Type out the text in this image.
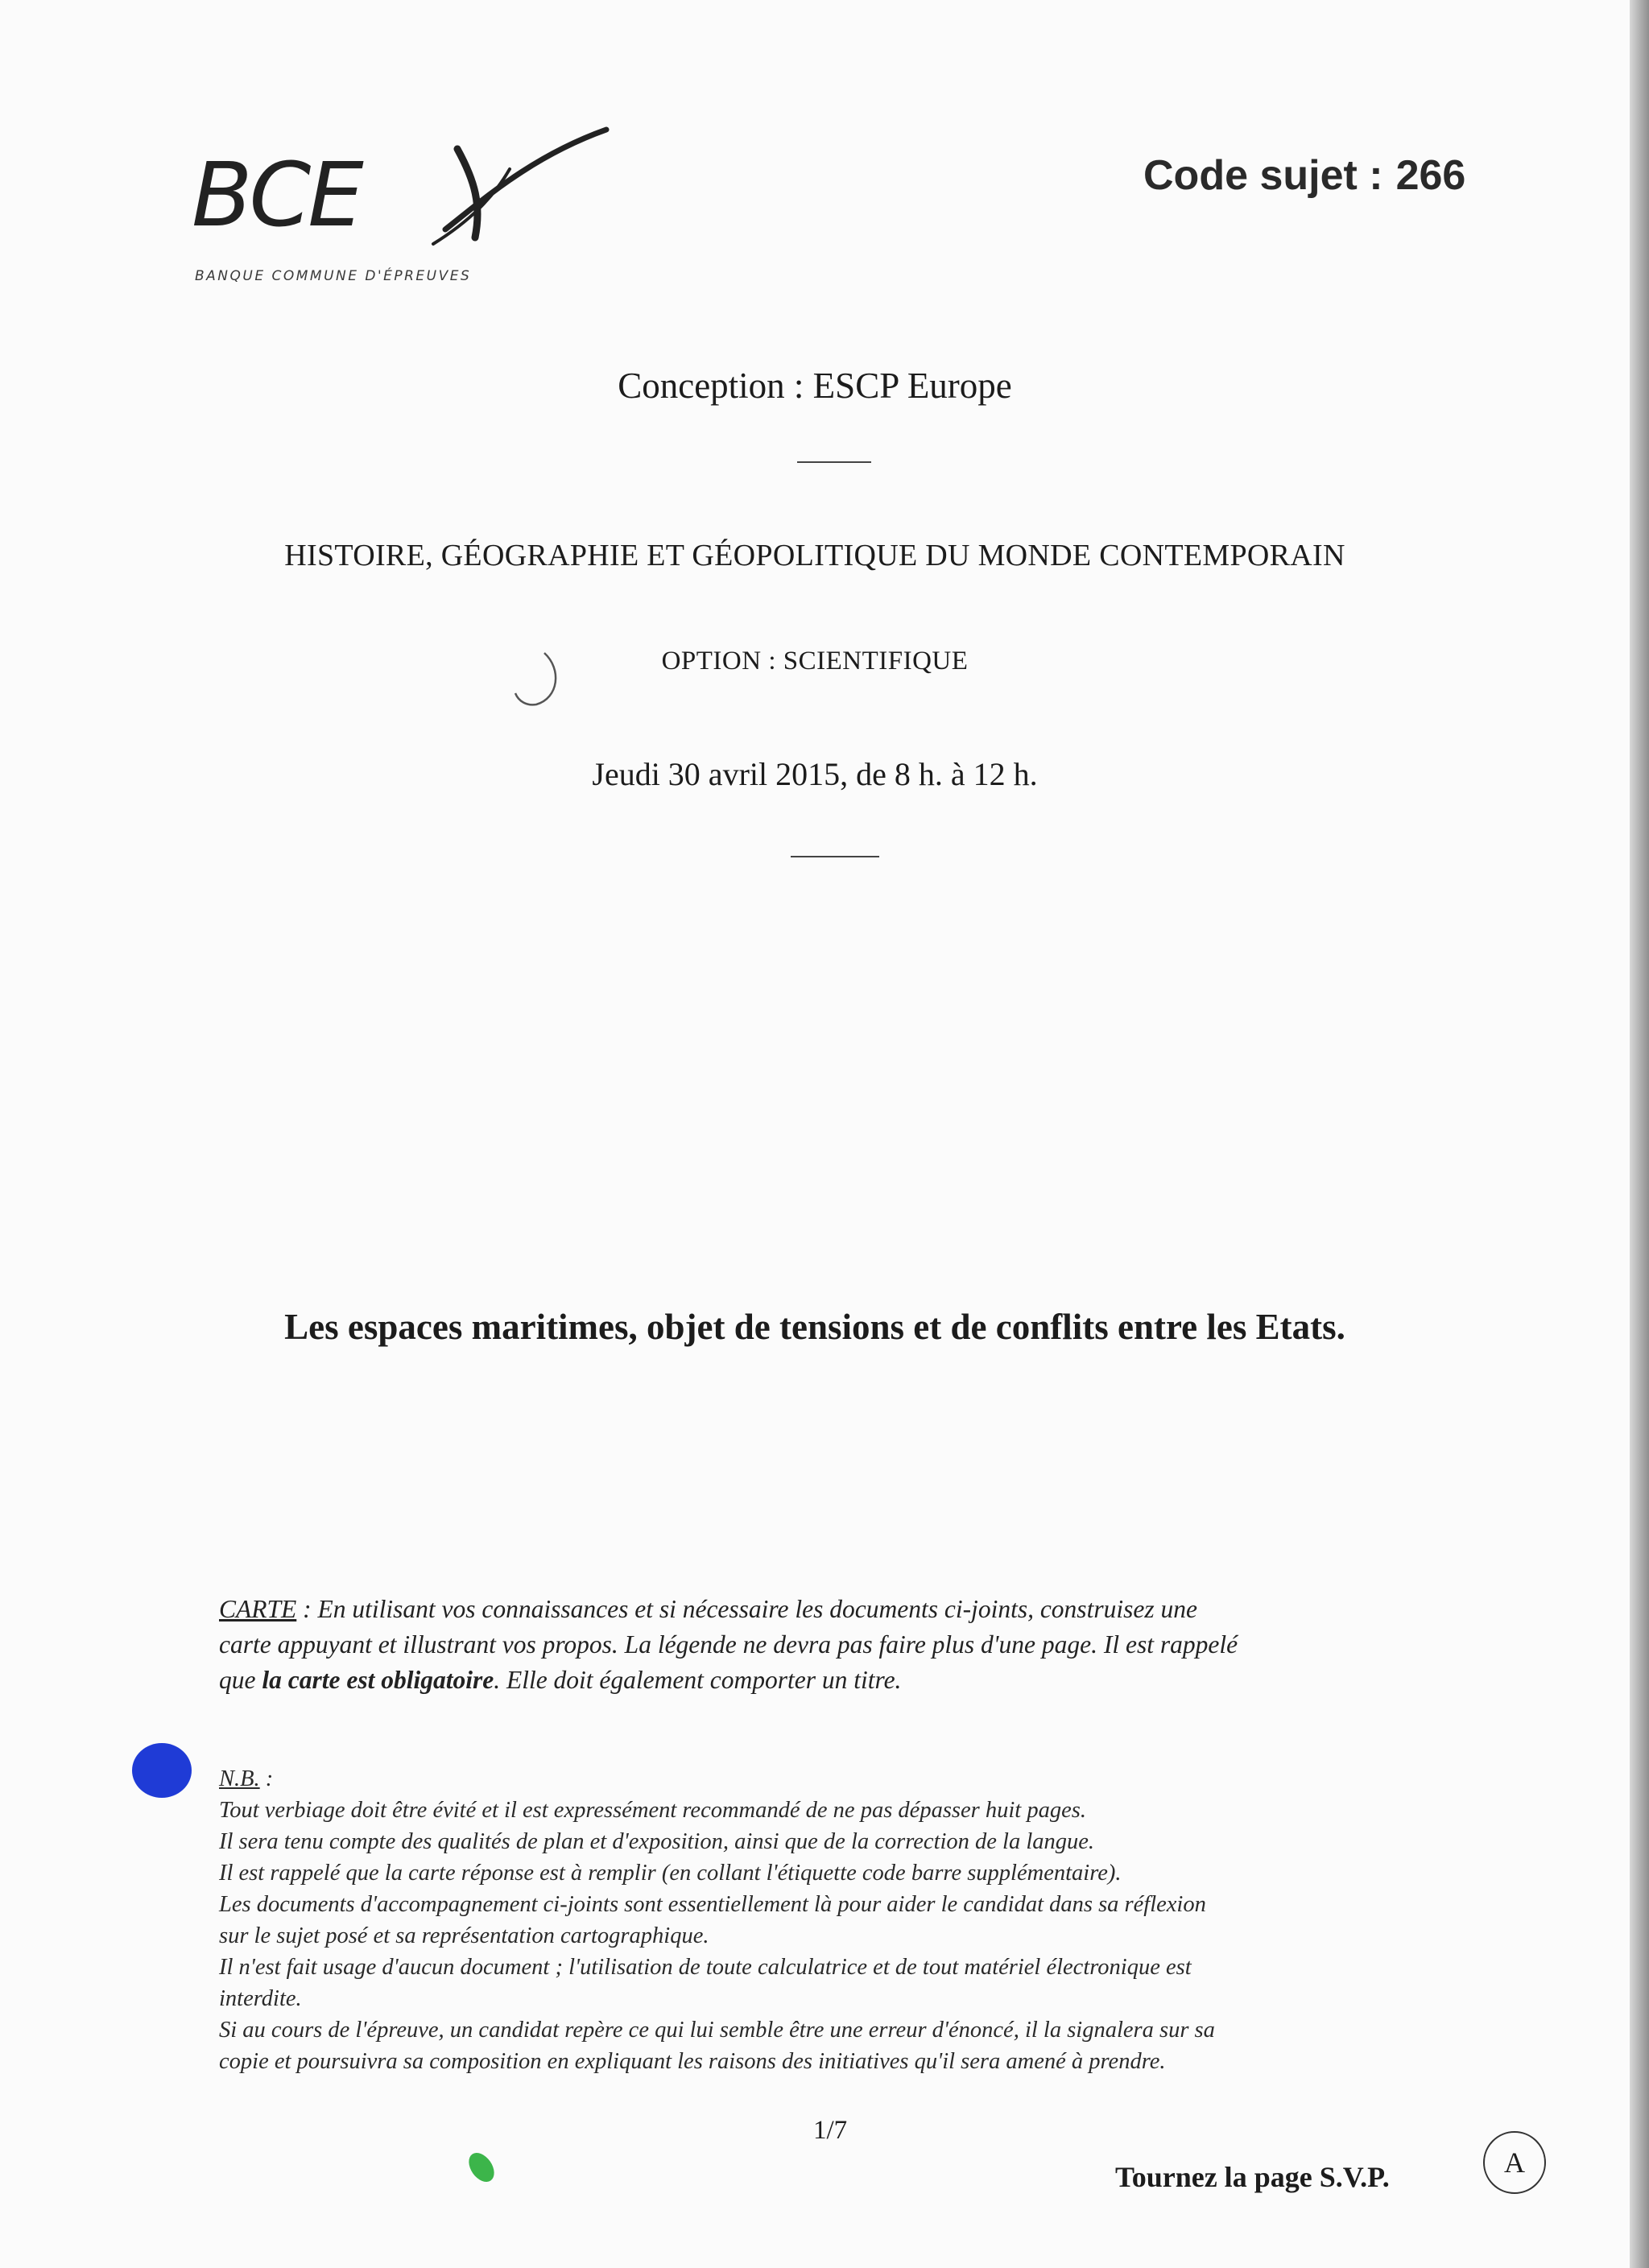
BCE
BANQUE COMMUNE D'ÉPREUVES
Code sujet : 266
Conception : ESCP Europe
HISTOIRE, GÉOGRAPHIE ET GÉOPOLITIQUE DU MONDE CONTEMPORAIN
OPTION : SCIENTIFIQUE
Jeudi 30 avril 2015, de 8 h. à 12 h.
Les espaces maritimes, objet de tensions et de conflits entre les Etats.
CARTE : En utilisant vos connaissances et si nécessaire les documents ci-joints, construisez une
carte appuyant et illustrant vos propos. La légende ne devra pas faire plus d'une page. Il est rappelé
que la carte est obligatoire. Elle doit également comporter un titre.
N.B. :
Tout verbiage doit être évité et il est expressément recommandé de ne pas dépasser huit pages.
Il sera tenu compte des qualités de plan et d'exposition, ainsi que de la correction de la langue.
Il est rappelé que la carte réponse est à remplir (en collant l'étiquette code barre supplémentaire).
Les documents d'accompagnement ci-joints sont essentiellement là pour aider le candidat dans sa réflexion
sur le sujet posé et sa représentation cartographique.
Il n'est fait usage d'aucun document ; l'utilisation de toute calculatrice et de tout matériel électronique est
interdite.
Si au cours de l'épreuve, un candidat repère ce qui lui semble être une erreur d'énoncé, il la signalera sur sa
copie et poursuivra sa composition en expliquant les raisons des initiatives qu'il sera amené à prendre.
1/7
Tournez la page S.V.P.	A
